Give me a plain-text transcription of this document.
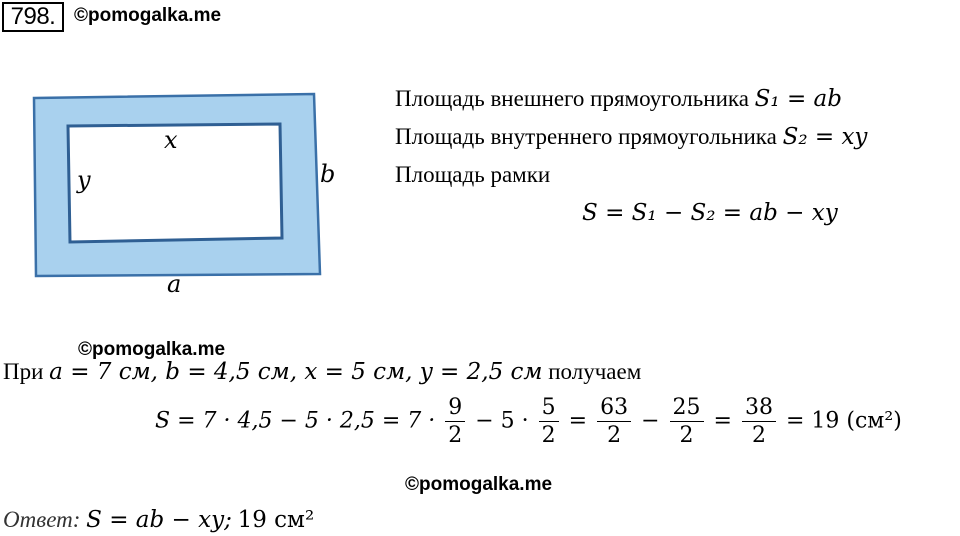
798. ©pomogalka.me
x
y	b
a
Площадь внешнего прямоугольника S₁ = ab
Площадь внутреннего прямоугольника S₂ = xy
Площадь рамки
S = S₁ − S₂ = ab − xy
©pomogalka.me
При a = 7 см, b = 4,5 см, x = 5 см, y = 2,5 см получаем
$S = 7 \cdot 4,5 - 5 \cdot 2,5 = 7 \cdot \frac{9}{2} - 5 \cdot \frac{5}{2} = \frac{63}{2} - \frac{25}{2} = \frac{38}{2} = 19$ (см²)
©pomogalka.me
Ответ: S = ab − xy; 19 см²
